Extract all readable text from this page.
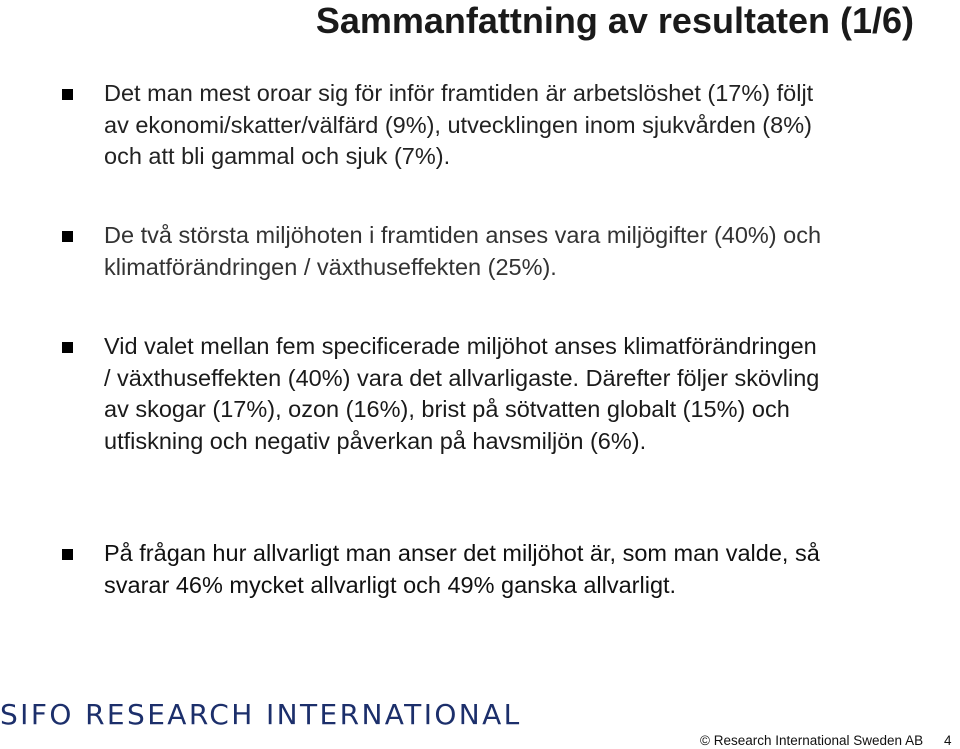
Sammanfattning av resultaten (1/6)
Det man mest oroar sig för inför framtiden är arbetslöshet (17%) följt av ekonomi/skatter/välfärd (9%), utvecklingen inom sjukvården (8%) och att bli gammal och sjuk (7%).
De två största miljöhoten i framtiden anses vara miljögifter (40%) och klimatförändringen / växthuseffekten (25%).
Vid valet mellan fem specificerade miljöhot anses klimatförändringen / växthuseffekten (40%) vara det allvarligaste. Därefter följer skövling av skogar (17%), ozon (16%), brist på sötvatten globalt (15%) och utfiskning och negativ påverkan på havsmiljön (6%).
På frågan hur allvarligt man anser det miljöhot är, som man valde, så svarar 46% mycket allvarligt och 49% ganska allvarligt.
SIFO RESEARCH INTERNATIONAL
© Research International Sweden AB 4
